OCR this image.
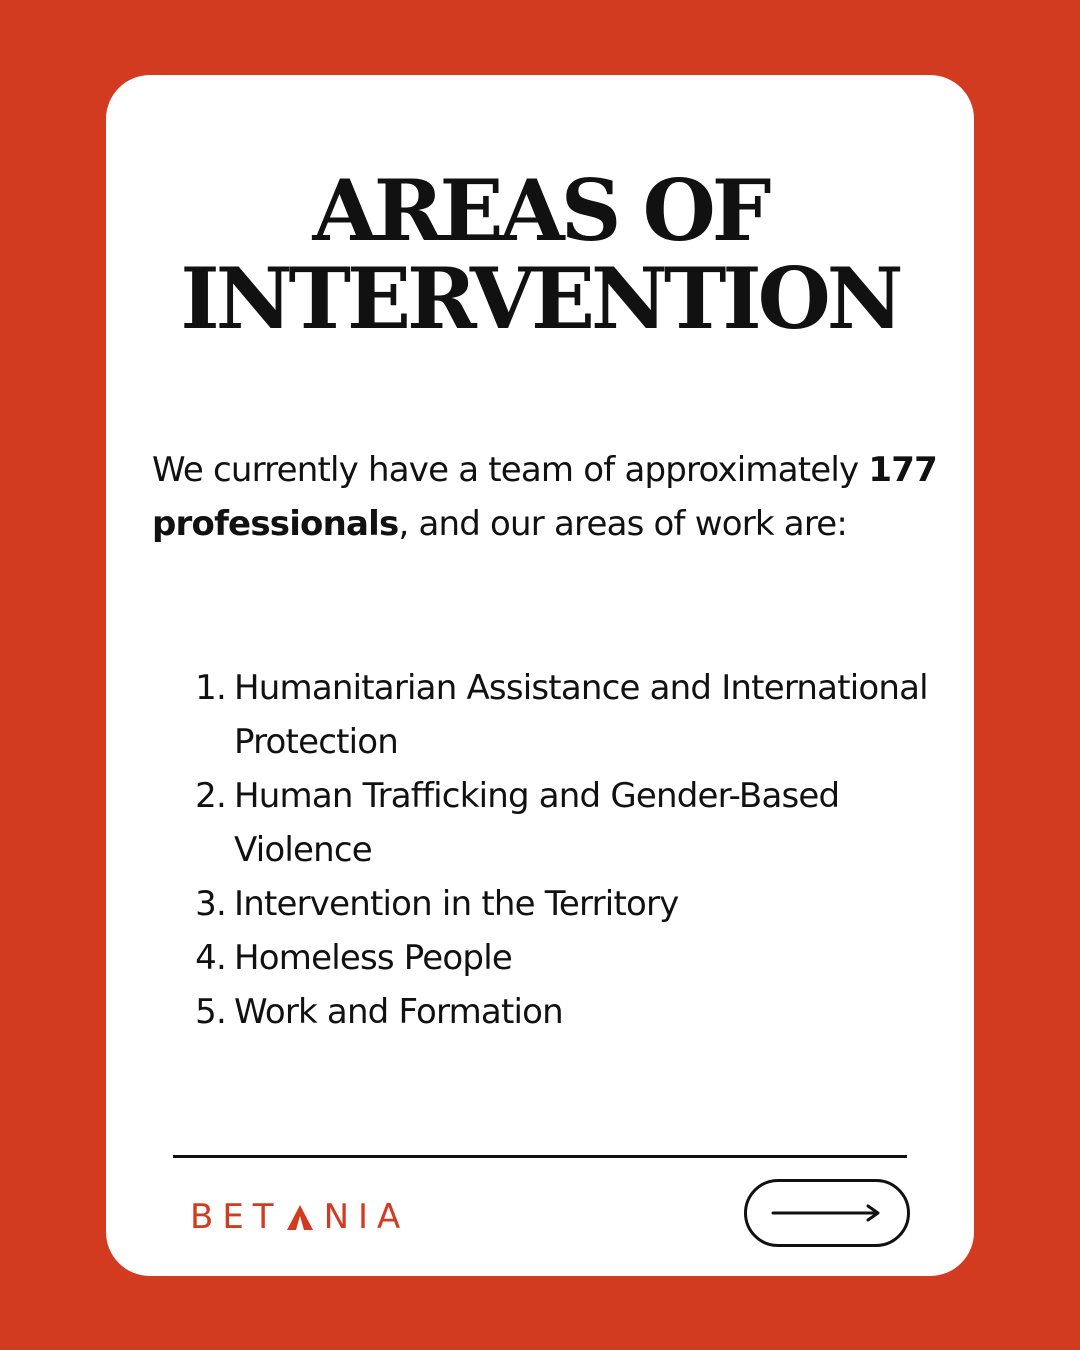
AREAS OF
INTERVENTION

We currently have a team of approximately 177 professionals, and our areas of work are:

1. Humanitarian Assistance and International Protection
2. Human Trafficking and Gender-Based Violence
3. Intervention in the Territory
4. Homeless People
5. Work and Formation
BET NIA
